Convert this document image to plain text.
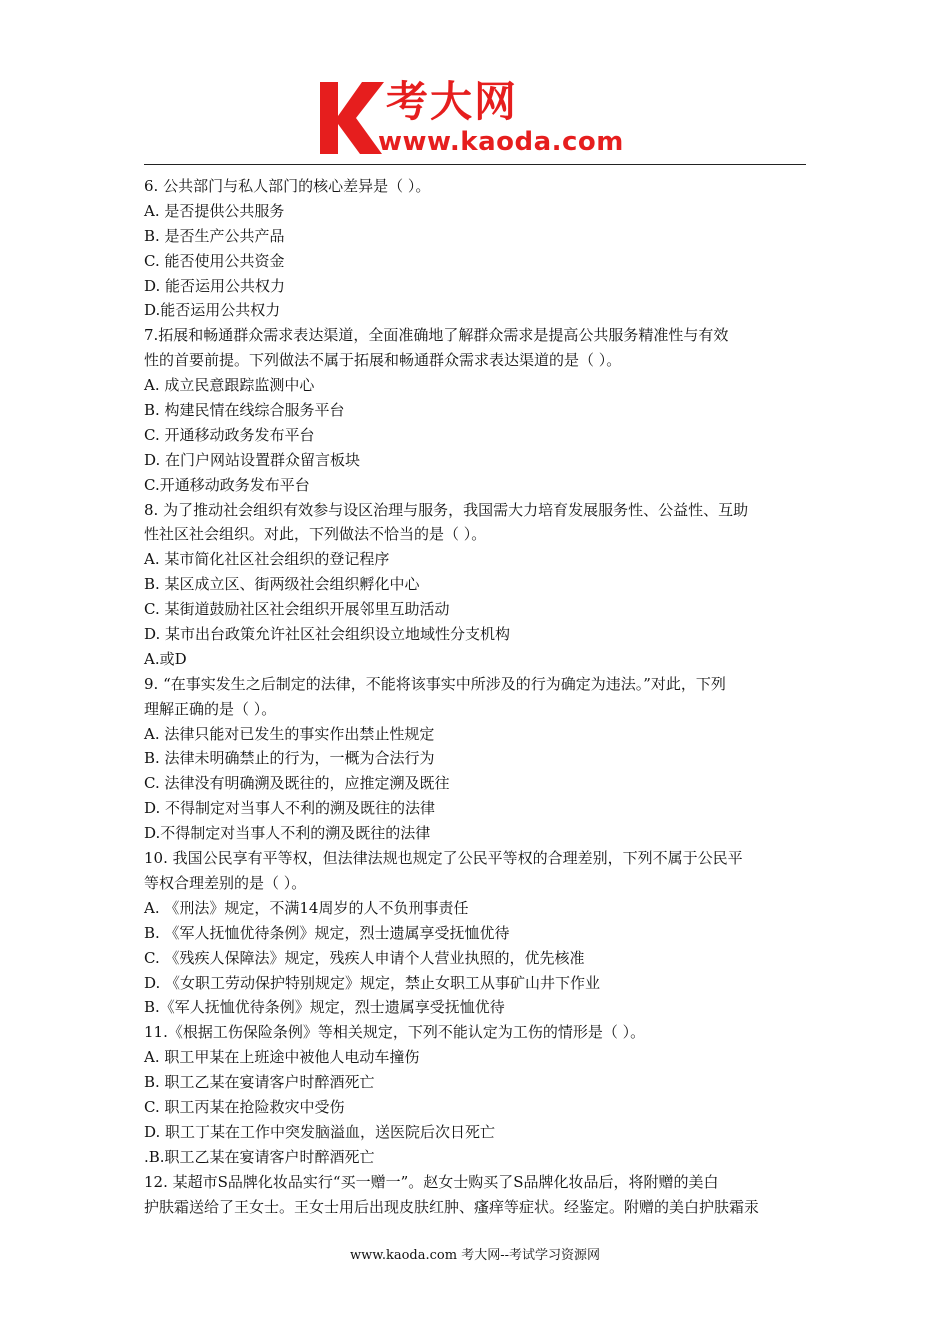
考大网
www.kaoda.com
6. 公共部门与私人部门的核心差异是（ ）。
A. 是否提供公共服务
B. 是否生产公共产品
C. 能否使用公共资金
D. 能否运用公共权力
D.能否运用公共权力
7.拓展和畅通群众需求表达渠道，全面准确地了解群众需求是提高公共服务精准性与有效
性的首要前提。下列做法不属于拓展和畅通群众需求表达渠道的是（ ）。
A. 成立民意跟踪监测中心
B. 构建民情在线综合服务平台
C. 开通移动政务发布平台
D. 在门户网站设置群众留言板块
C.开通移动政务发布平台
8. 为了推动社会组织有效参与设区治理与服务，我国需大力培育发展服务性、公益性、互助
性社区社会组织。对此，下列做法不恰当的是（ ）。
A. 某市简化社区社会组织的登记程序
B. 某区成立区、街两级社会组织孵化中心
C. 某街道鼓励社区社会组织开展邻里互助活动
D. 某市出台政策允许社区社会组织设立地域性分支机构
A.或D
9. “在事实发生之后制定的法律，不能将该事实中所涉及的行为确定为违法。”对此，下列
理解正确的是（ ）。
A. 法律只能对已发生的事实作出禁止性规定
B. 法律未明确禁止的行为，一概为合法行为
C. 法律没有明确溯及既往的，应推定溯及既往
D. 不得制定对当事人不利的溯及既往的法律
D.不得制定对当事人不利的溯及既往的法律
10. 我国公民享有平等权，但法律法规也规定了公民平等权的合理差别，下列不属于公民平
等权合理差别的是（ ）。
A. 《刑法》规定，不满14周岁的人不负刑事责任
B. 《军人抚恤优待条例》规定，烈士遗属享受抚恤优待
C. 《残疾人保障法》规定，残疾人申请个人营业执照的，优先核准
D. 《女职工劳动保护特别规定》规定，禁止女职工从事矿山井下作业
B.《军人抚恤优待条例》规定，烈士遗属享受抚恤优待
11.《根据工伤保险条例》等相关规定，下列不能认定为工伤的情形是（ ）。
A. 职工甲某在上班途中被他人电动车撞伤
B. 职工乙某在宴请客户时醉酒死亡
C. 职工丙某在抢险救灾中受伤
D. 职工丁某在工作中突发脑溢血，送医院后次日死亡
.B.职工乙某在宴请客户时醉酒死亡
12. 某超市S品牌化妆品实行“买一赠一”。赵女士购买了S品牌化妆品后，将附赠的美白
护肤霜送给了王女士。王女士用后出现皮肤红肿、瘙痒等症状。经鉴定。附赠的美白护肤霜汞
www.kaoda.com 考大网--考试学习资源网
